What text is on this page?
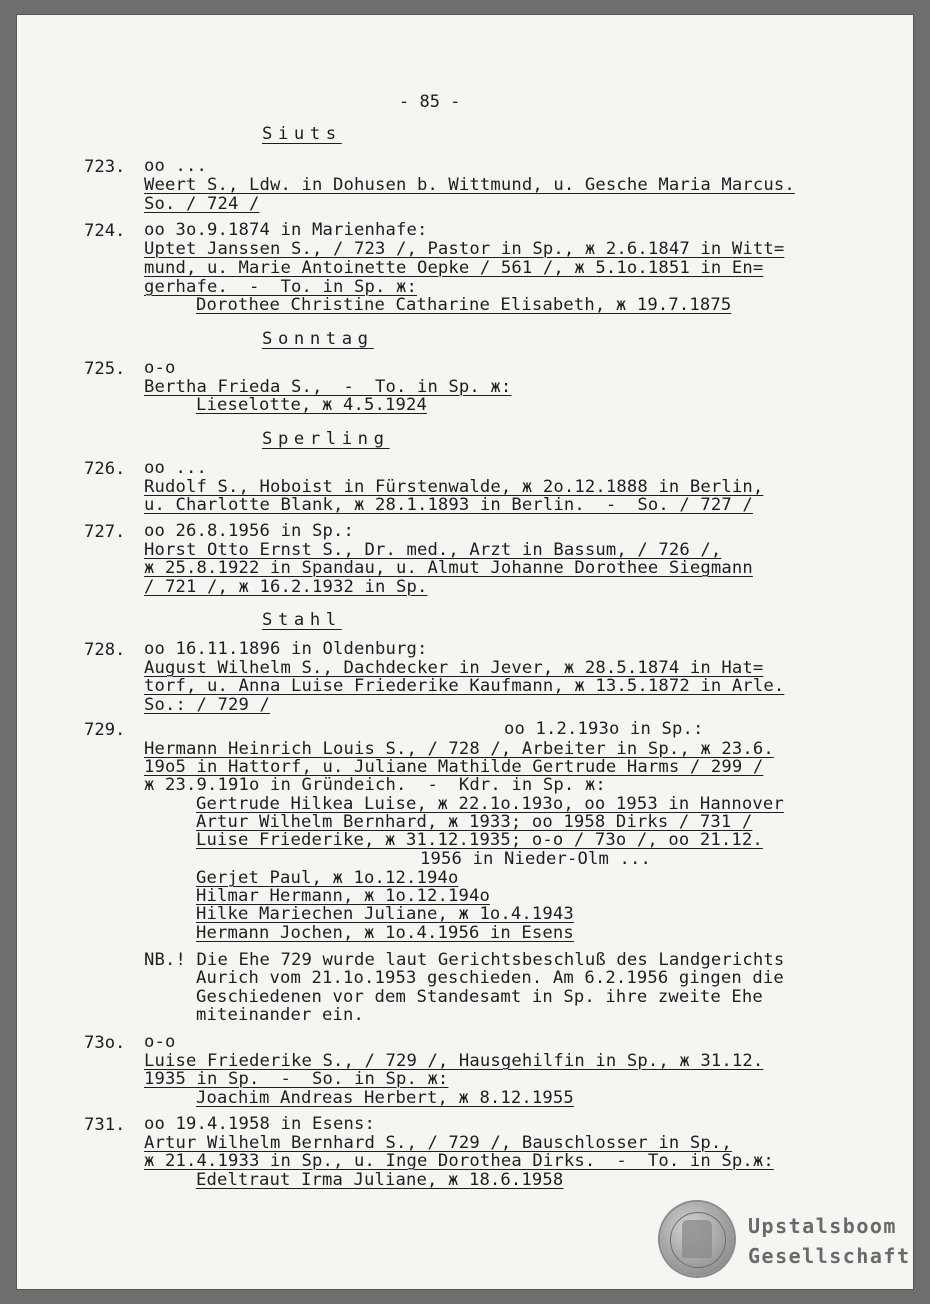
- 85 -
Siuts
723. oo ...
Weert S., Ldw. in Dohusen b. Wittmund, u. Gesche Maria Marcus.
So. / 724 /
724. oo 3o.9.1874 in Marienhafe:
Uptet Janssen S., / 723 /, Pastor in Sp., ж 2.6.1847 in Witt=
mund, u. Marie Antoinette Oepke / 561 /, ж 5.1o.1851 in En=
gerhafe.  -  To. in Sp. ж:
Dorothee Christine Catharine Elisabeth, ж 19.7.1875
Sonntag
725. o-o
Bertha Frieda S.,  -  To. in Sp. ж:
Lieselotte, ж 4.5.1924
Sperling
726. oo ...
Rudolf S., Hoboist in Fürstenwalde, ж 2o.12.1888 in Berlin,
u. Charlotte Blank, ж 28.1.1893 in Berlin.  -  So. / 727 /
727. oo 26.8.1956 in Sp.:
Horst Otto Ernst S., Dr. med., Arzt in Bassum, / 726 /,
ж 25.8.1922 in Spandau, u. Almut Johanne Dorothee Siegmann
/ 721 /, ж 16.2.1932 in Sp.
Stahl
728. oo 16.11.1896 in Oldenburg:
August Wilhelm S., Dachdecker in Jever, ж 28.5.1874 in Hat=
torf, u. Anna Luise Friederike Kaufmann, ж 13.5.1872 in Arle.
So.: / 729 /
729.	oo 1.2.193o in Sp.:
Hermann Heinrich Louis S., / 728 /, Arbeiter in Sp., ж 23.6.
19o5 in Hattorf, u. Juliane Mathilde Gertrude Harms / 299 /
ж 23.9.191o in Gründeich.  -  Kdr. in Sp. ж:
Gertrude Hilkea Luise, ж 22.1o.193o, oo 1953 in Hannover
Artur Wilhelm Bernhard, ж 1933; oo 1958 Dirks / 731 /
Luise Friederike, ж 31.12.1935; o-o / 73o /, oo 21.12.
1956 in Nieder-Olm ...
Gerjet Paul, ж 1o.12.194o
Hilmar Hermann, ж 1o.12.194o
Hilke Mariechen Juliane, ж 1o.4.1943
Hermann Jochen, ж 1o.4.1956 in Esens
NB.! Die Ehe 729 wurde laut Gerichtsbeschluß des Landgerichts
Aurich vom 21.1o.1953 geschieden. Am 6.2.1956 gingen die
Geschiedenen vor dem Standesamt in Sp. ihre zweite Ehe
miteinander ein.
73o. o-o
Luise Friederike S., / 729 /, Hausgehilfin in Sp., ж 31.12.
1935 in Sp.  -  So. in Sp. ж:
Joachim Andreas Herbert, ж 8.12.1955
731. oo 19.4.1958 in Esens:
Artur Wilhelm Bernhard S., / 729 /, Bauschlosser in Sp.,
ж 21.4.1933 in Sp., u. Inge Dorothea Dirks.  -  To. in Sp.ж:
Edeltraut Irma Juliane, ж 18.6.1958
Upstalsboom
Gesellschaft
